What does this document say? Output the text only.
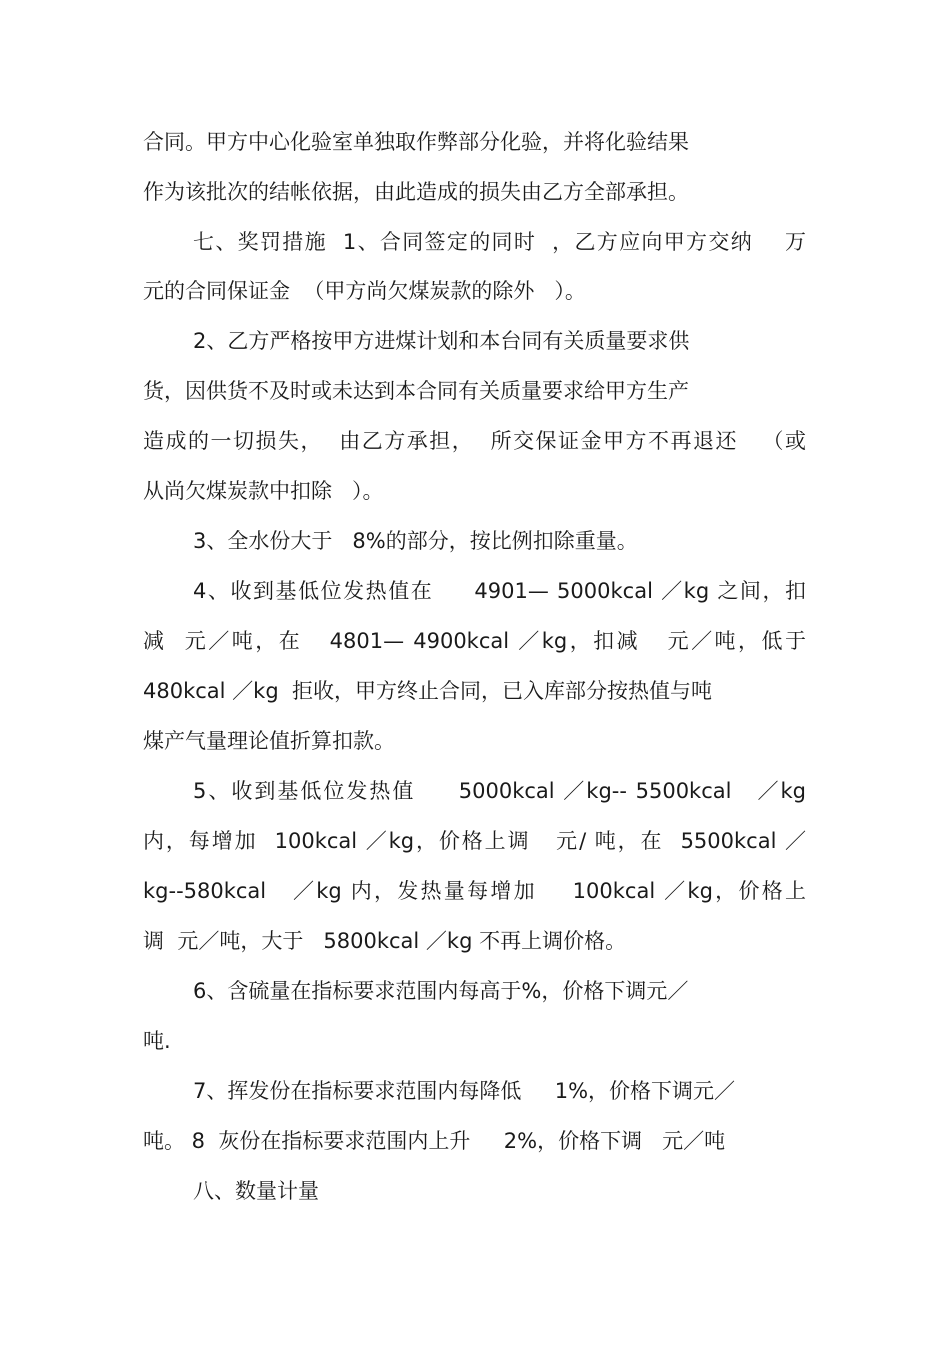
合同。甲方中心化验室单独取作弊部分化验，并将化验结果
作为该批次的结帐依据，由此造成的损失由乙方全部承担。
七、奖罚措施  1、合同签定的同时  ，乙方应向甲方交纳    万
元的合同保证金  （甲方尚欠煤炭款的除外   ）。
2、乙方严格按甲方进煤计划和本台同有关质量要求供
货，因供货不及时或未达到本合同有关质量要求给甲方生产
造成的一切损失，  由乙方承担，  所交保证金甲方不再退还   （或
从尚欠煤炭款中扣除   ）。
3、全水份大于   8%的部分，按比例扣除重量。
4、收到基低位发热值在     4901— 5000kcal ／kg 之间，扣
减  元／吨，在   4801— 4900kcal ／kg，扣减   元／吨，低于
480kcal ／kg  拒收，甲方终止合同，已入库部分按热值与吨
煤产气量理论值折算扣款。
5、收到基低位发热值     5000kcal ／kg-- 5500kcal   ／kg
内，每增加  100kcal ／kg，价格上调   元/ 吨，在  5500kcal ／
kg--580kcal   ／kg 内，发热量每增加    100kcal ／kg，价格上
调  元／吨，大于   5800kcal ／kg 不再上调价格。
6、含硫量在指标要求范围内每高于%，价格下调元／
吨.
7、挥发份在指标要求范围内每降低     1%，价格下调元／
吨。 8  灰份在指标要求范围内上升     2%，价格下调   元／吨
八、数量计量
